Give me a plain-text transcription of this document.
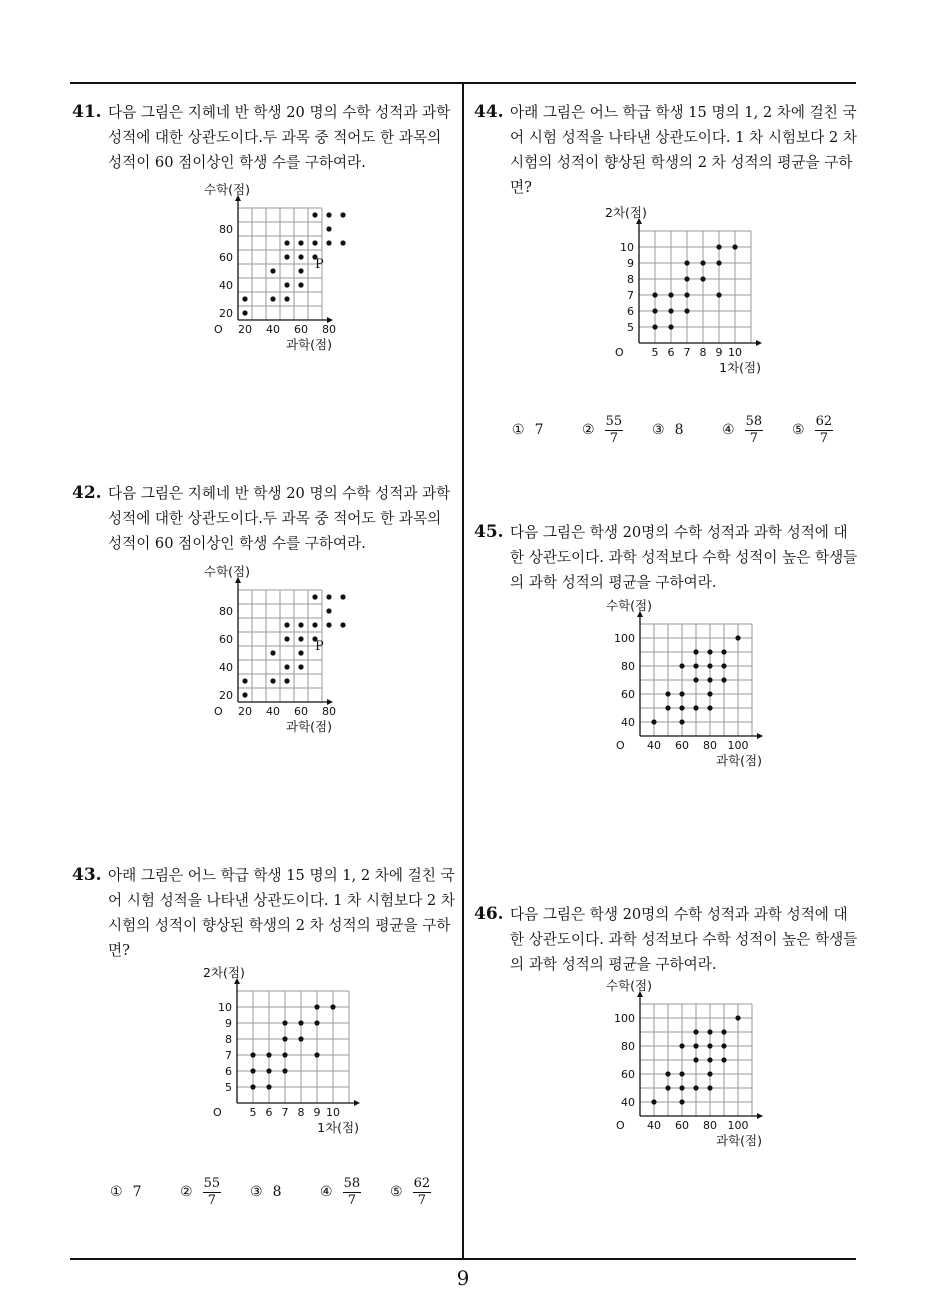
41. 다음 그림은 지헤네 반 학생 20 명의 수학 성적과 과학 성적에 대한 상관도이다.두 과목 중 적어도 한 과목의 성적이 60 점이상인 학생 수를 구하여라.
20 40 60 80
20
40
60
80
O
수학(점)
과학(점)
P
42. 다음 그림은 지헤네 반 학생 20 명의 수학 성적과 과학 성적에 대한 상관도이다.두 과목 중 적어도 한 과목의 성적이 60 점이상인 학생 수를 구하여라.
20 40 60 80
20
40
60
80
O
수학(점)
과학(점)
P
43. 아래 그림은 어느 학급 학생 15 명의 1, 2 차에 걸친 국어 시험 성적을 나타낸 상관도이다. 1 차 시험보다 2 차 시험의 성적이 향상된 학생의 2 차 성적의 평균을 구하면?
5 6 7 8 9 10
5
6
7
8
9
10
O
2차(점)
1차(점)
① 7	② $\frac{55}{7}$ ③ 8	④ $\frac{58}{7}$ ⑤ $\frac{62}{7}$
44. 아래 그림은 어느 학급 학생 15 명의 1, 2 차에 걸친 국어 시험 성적을 나타낸 상관도이다. 1 차 시험보다 2 차 시험의 성적이 향상된 학생의 2 차 성적의 평균을 구하면?
5 6 7 8 9 10
5
6
7
8
9
10
O
2차(점)
1차(점)
① 7	② $\frac{55}{7}$ ③ 8	④ $\frac{58}{7}$ ⑤ $\frac{62}{7}$
45. 다음 그림은 학생 20명의 수학 성적과 과학 성적에 대한 상관도이다. 과학 성적보다 수학 성적이 높은 학생들의 과학 성적의 평균을 구하여라.
40 60 80 100
40
60
80
100
O
수학(점)
과학(점)
46. 다음 그림은 학생 20명의 수학 성적과 과학 성적에 대한 상관도이다. 과학 성적보다 수학 성적이 높은 학생들의 과학 성적의 평균을 구하여라.
40 60 80 100
40
60
80
100
O
수학(점)
과학(점)
9
